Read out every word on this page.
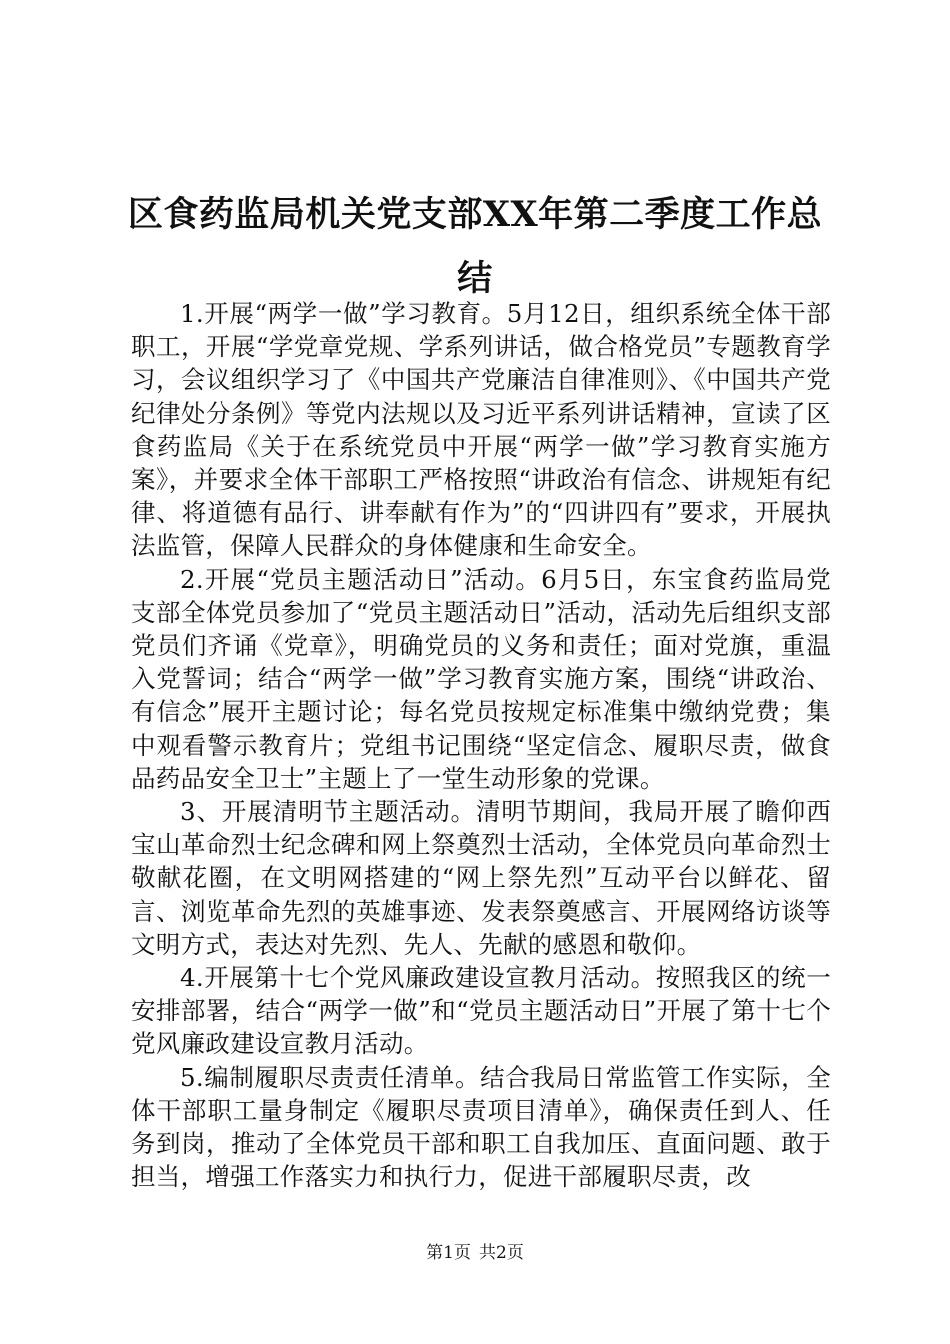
区食药监局机关党支部XX年第二季度工作总结

1.开展“两学一做”学习教育。5月12日，组织系统全体干部职工，开展“学党章党规、学系列讲话，做合格党员”专题教育学习，会议组织学习了《中国共产党廉洁自律准则》、《中国共产党纪律处分条例》等党内法规以及习近平系列讲话精神，宣读了区食药监局《关于在系统党员中开展“两学一做”学习教育实施方案》，并要求全体干部职工严格按照“讲政治有信念、讲规矩有纪律、将道德有品行、讲奉献有作为”的“四讲四有”要求，开展执法监管，保障人民群众的身体健康和生命安全。

2.开展“党员主题活动日”活动。6月5日，东宝食药监局党支部全体党员参加了“党员主题活动日”活动，活动先后组织支部党员们齐诵《党章》，明确党员的义务和责任；面对党旗，重温入党誓词；结合“两学一做”学习教育实施方案，围绕“讲政治、有信念”展开主题讨论；每名党员按规定标准集中缴纳党费；集中观看警示教育片；党组书记围绕“坚定信念、履职尽责，做食品药品安全卫士”主题上了一堂生动形象的党课。

3、开展清明节主题活动。清明节期间，我局开展了瞻仰西宝山革命烈士纪念碑和网上祭奠烈士活动，全体党员向革命烈士敬献花圈，在文明网搭建的“网上祭先烈”互动平台以鲜花、留言、浏览革命先烈的英雄事迹、发表祭奠感言、开展网络访谈等文明方式，表达对先烈、先人、先献的感恩和敬仰。

4.开展第十七个党风廉政建设宣教月活动。按照我区的统一安排部署，结合“两学一做”和“党员主题活动日”开展了第十七个党风廉政建设宣教月活动。

5.编制履职尽责责任清单。结合我局日常监管工作实际，全体干部职工量身制定《履职尽责项目清单》，确保责任到人、任务到岗，推动了全体党员干部和职工自我加压、直面问题、敢于担当，增强工作落实力和执行力，促进干部履职尽责，改

第1页 共2页
